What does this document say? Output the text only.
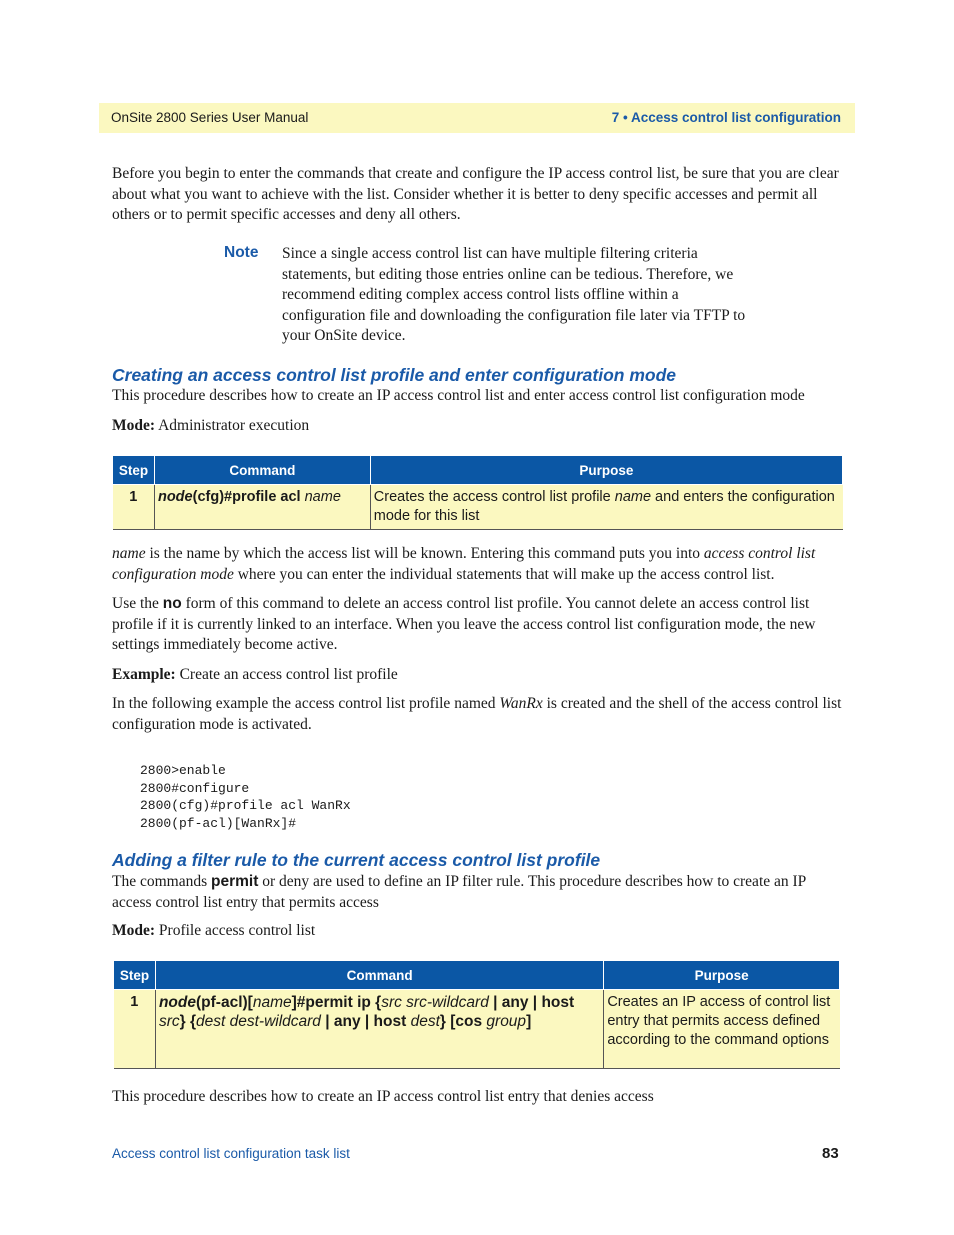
OnSite 2800 Series User Manual	7 • Access control list configuration

Before you begin to enter the commands that create and configure the IP access control list, be sure that you are clear about what you want to achieve with the list. Consider whether it is better to deny specific accesses and permit all others or to permit specific accesses and deny all others.

Note Since a single access control list can have multiple filtering criteria statements, but editing those entries online can be tedious. Therefore, we recommend editing complex access control lists offline within a configuration file and downloading the configuration file later via TFTP to your OnSite device.
Creating an access control list profile and enter configuration mode

This procedure describes how to create an IP access control list and enter access control list configuration mode

Mode: Administrator execution

Step	Command	Purpose
1	node(cfg)#profile acl name	Creates the access control list profile name and enters the configuration mode for this list

name is the name by which the access list will be known. Entering this command puts you into access control list configuration mode where you can enter the individual statements that will make up the access control list.

Use the no form of this command to delete an access control list profile. You cannot delete an access control list profile if it is currently linked to an interface. When you leave the access control list configuration mode, the new settings immediately become active.

Example: Create an access control list profile

In the following example the access control list profile named WanRx is created and the shell of the access control list configuration mode is activated.

2800>enable
2800#configure
2800(cfg)#profile acl WanRx
2800(pf-acl)[WanRx]#
Adding a filter rule to the current access control list profile

The commands permit or deny are used to define an IP filter rule. This procedure describes how to create an IP access control list entry that permits access

Mode: Profile access control list

Step	Command	Purpose
1	node(pf-acl)[name]#permit ip {src src-wildcard | any | host src} {dest dest-wildcard | any | host dest} [cos group]	Creates an IP access of control list entry that permits access defined according to the command options

This procedure describes how to create an IP access control list entry that denies access

Access control list configuration task list	83
